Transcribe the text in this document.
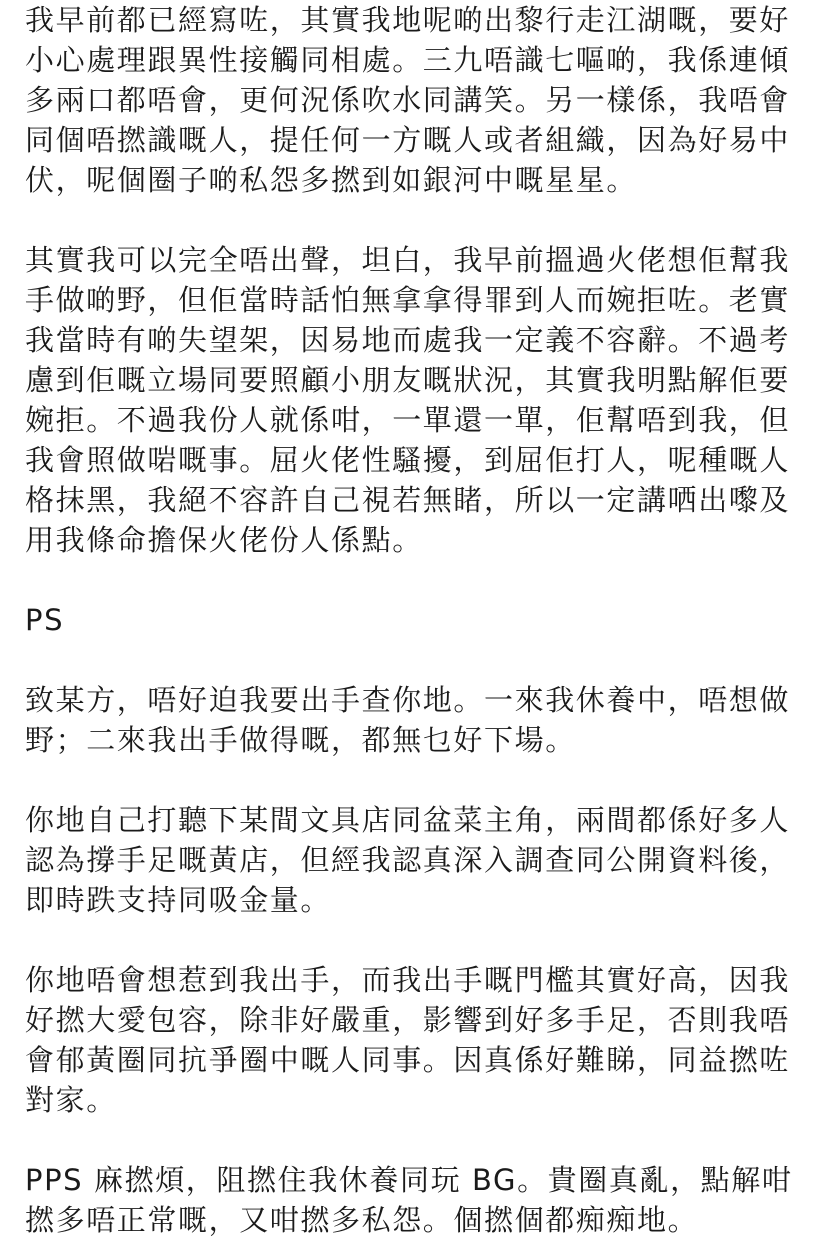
我早前都已經寫咗，其實我地呢啲出黎行走江湖嘅，要好
小心處理跟異性接觸同相處。三九唔識七嘔啲，我係連傾
多兩口都唔會，更何況係吹水同講笑。另一樣係，我唔會
同個唔撚識嘅人，提任何一方嘅人或者組織，因為好易中
伏，呢個圈子啲私怨多撚到如銀河中嘅星星。
其實我可以完全唔出聲，坦白，我早前搵過火佬想佢幫我
手做啲野，但佢當時話怕無拿拿得罪到人而婉拒咗。老實
我當時有啲失望架，因易地而處我一定義不容辭。不過考
慮到佢嘅立場同要照顧小朋友嘅狀況，其實我明點解佢要
婉拒。不過我份人就係咁，一單還一單，佢幫唔到我，但
我會照做啱嘅事。屈火佬性騷擾，到屈佢打人，呢種嘅人
格抹黑，我絕不容許自己視若無睹，所以一定講哂出嚟及
用我條命擔保火佬份人係點。
PS
致某方，唔好迫我要出手查你地。一來我休養中，唔想做
野；二來我出手做得嘅，都無乜好下場。
你地自己打聽下某間文具店同盆菜主角，兩間都係好多人
認為撐手足嘅黃店，但經我認真深入調查同公開資料後，
即時跌支持同吸金量。
你地唔會想惹到我出手，而我出手嘅門檻其實好高，因我
好撚大愛包容，除非好嚴重，影響到好多手足，否則我唔
會郁黃圈同抗爭圈中嘅人同事。因真係好難睇，同益撚咗
對家。
PPS 麻撚煩，阻撚住我休養同玩 BG。貴圈真亂，點解咁
撚多唔正常嘅，又咁撚多私怨。個撚個都痴痴地。
